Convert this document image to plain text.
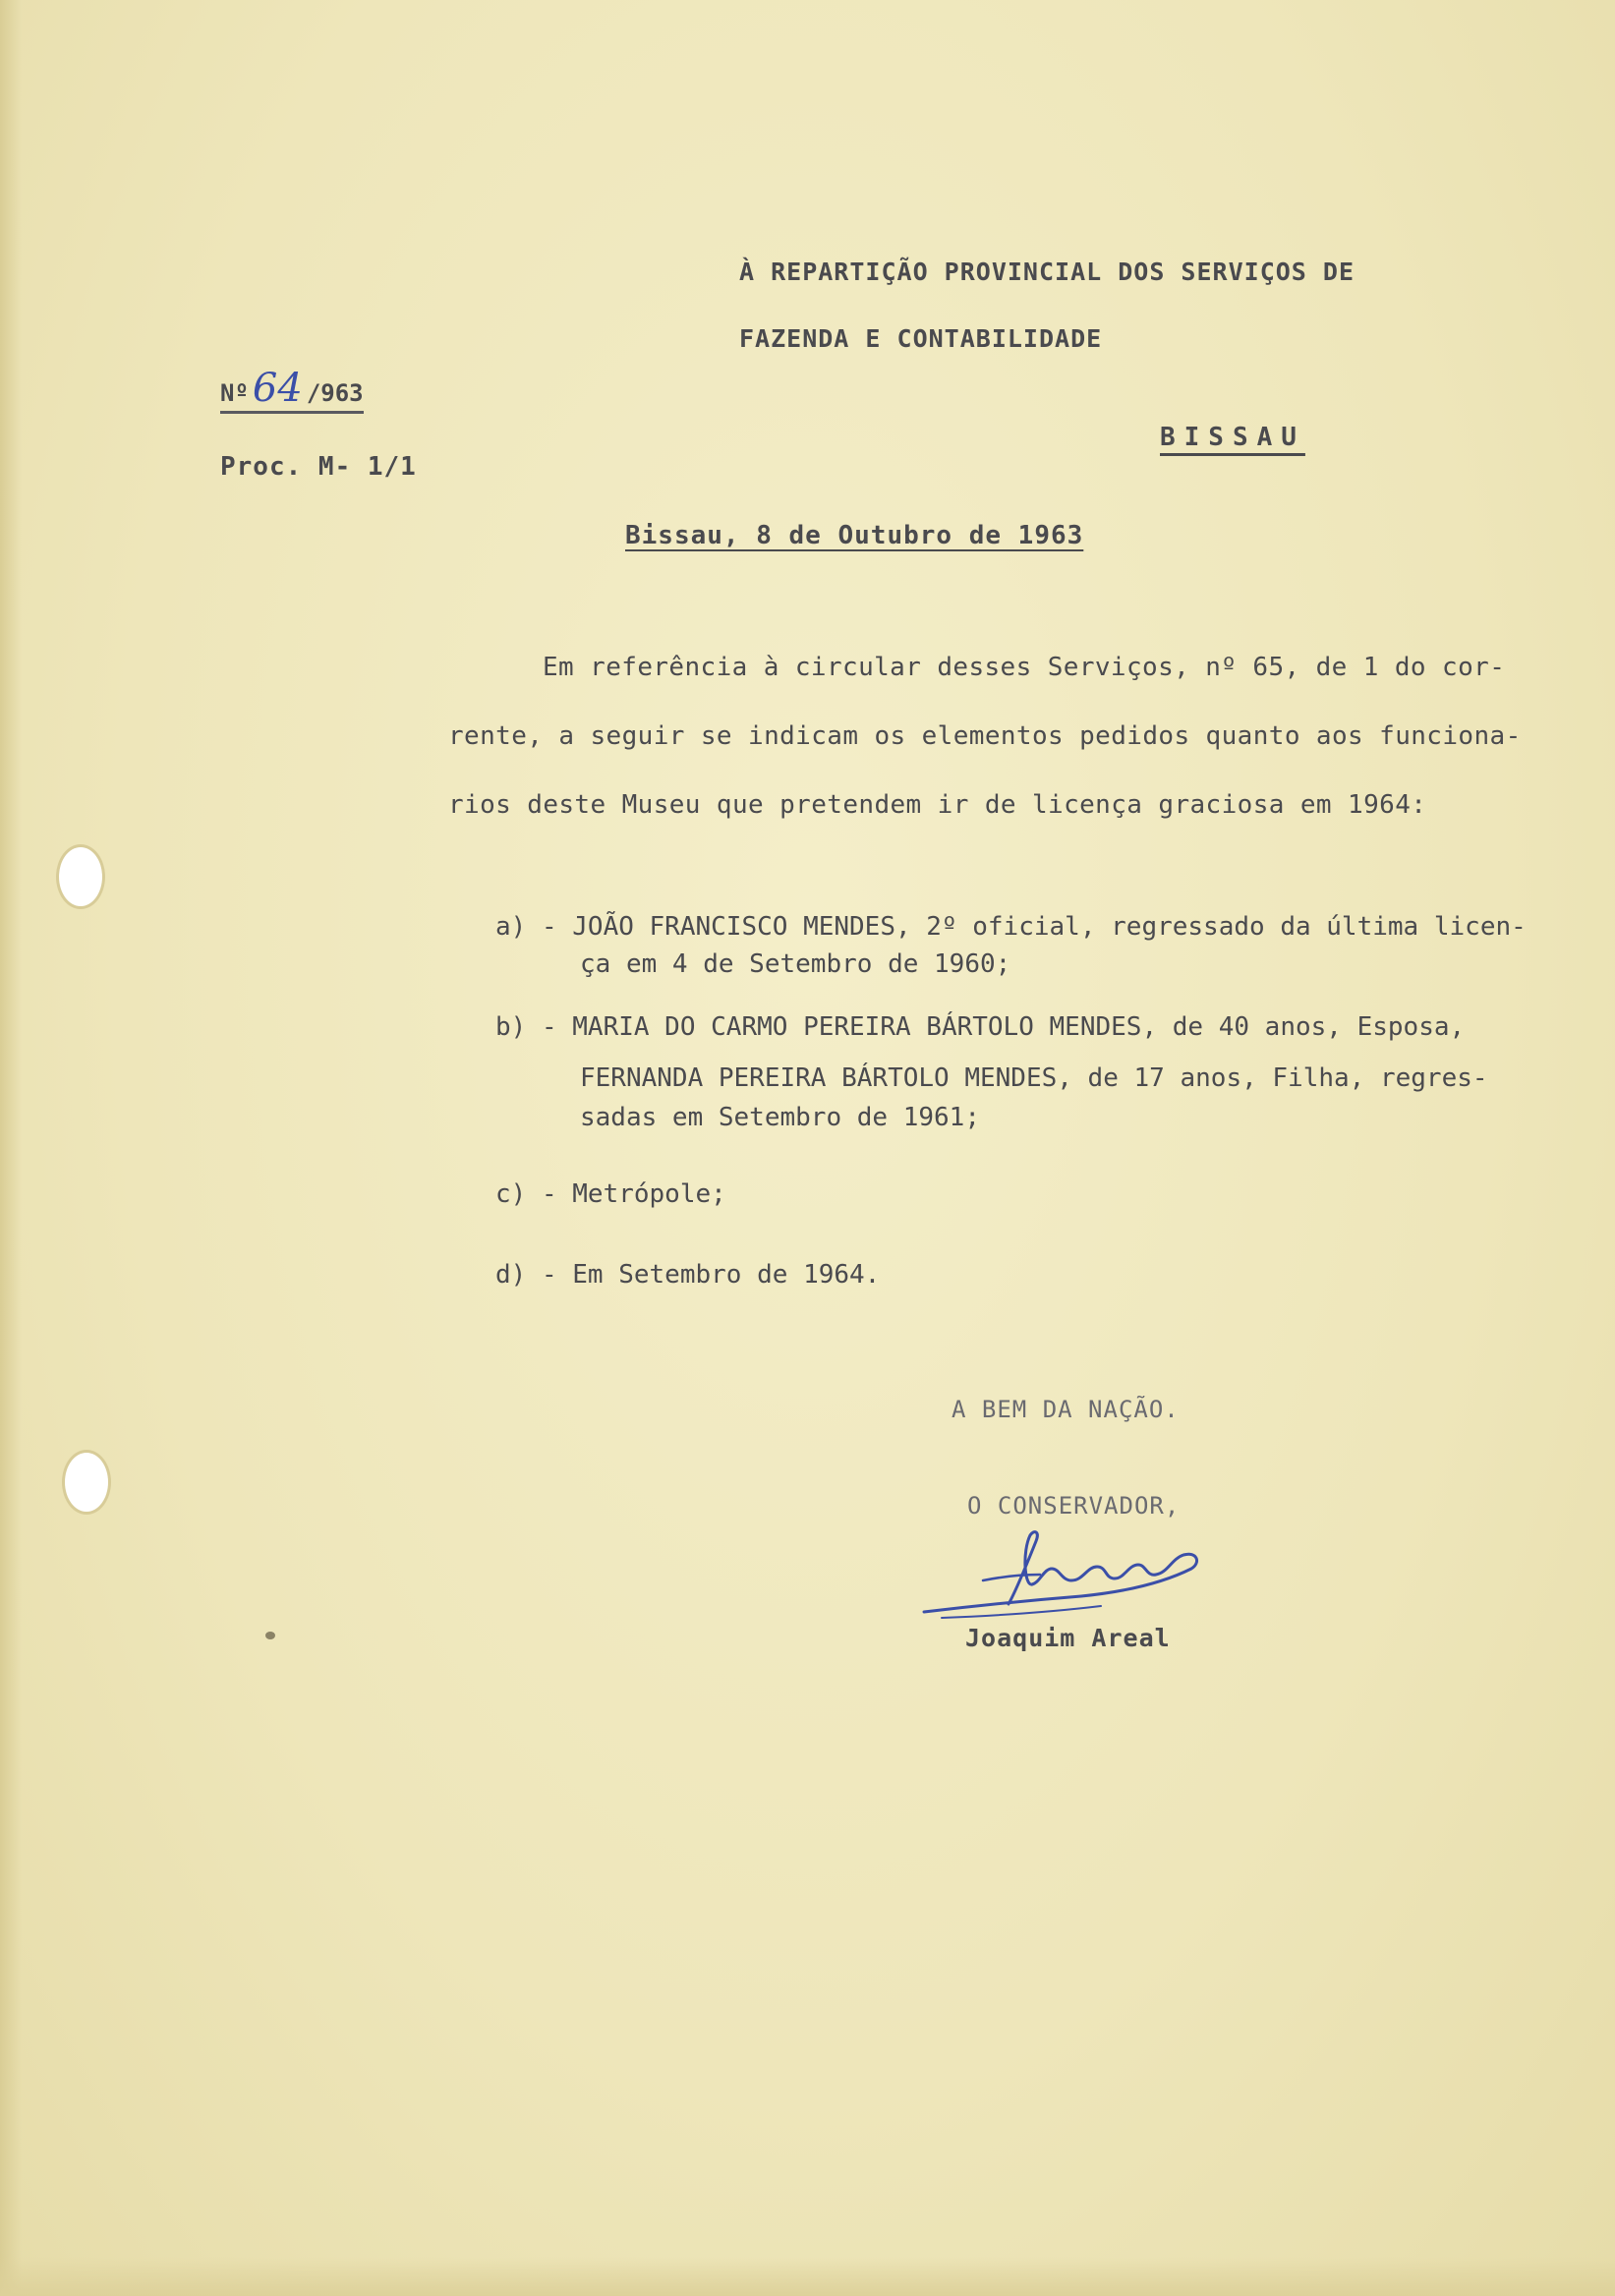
À REPARTIÇÃO PROVINCIAL DOS SERVIÇOS DE
FAZENDA E CONTABILIDADE
BISSAU
Nº 64 /963
Proc. M- 1/1
Bissau, 8 de Outubro de 1963
Em referência à circular desses Serviços, nº 65, de 1 do cor-
rente, a seguir se indicam os elementos pedidos quanto aos funciona-
rios deste Museu que pretendem ir de licença graciosa em 1964:
a) - JOÃO FRANCISCO MENDES, 2º oficial, regressado da última licen-
ça em 4 de Setembro de 1960;
b) - MARIA DO CARMO PEREIRA BÁRTOLO MENDES, de 40 anos, Esposa,
FERNANDA PEREIRA BÁRTOLO MENDES, de 17 anos, Filha, regres-
sadas em Setembro de 1961;
c) - Metrópole;
d) - Em Setembro de 1964.
A BEM DA NAÇÃO.
O CONSERVADOR,
Joaquim Areal
